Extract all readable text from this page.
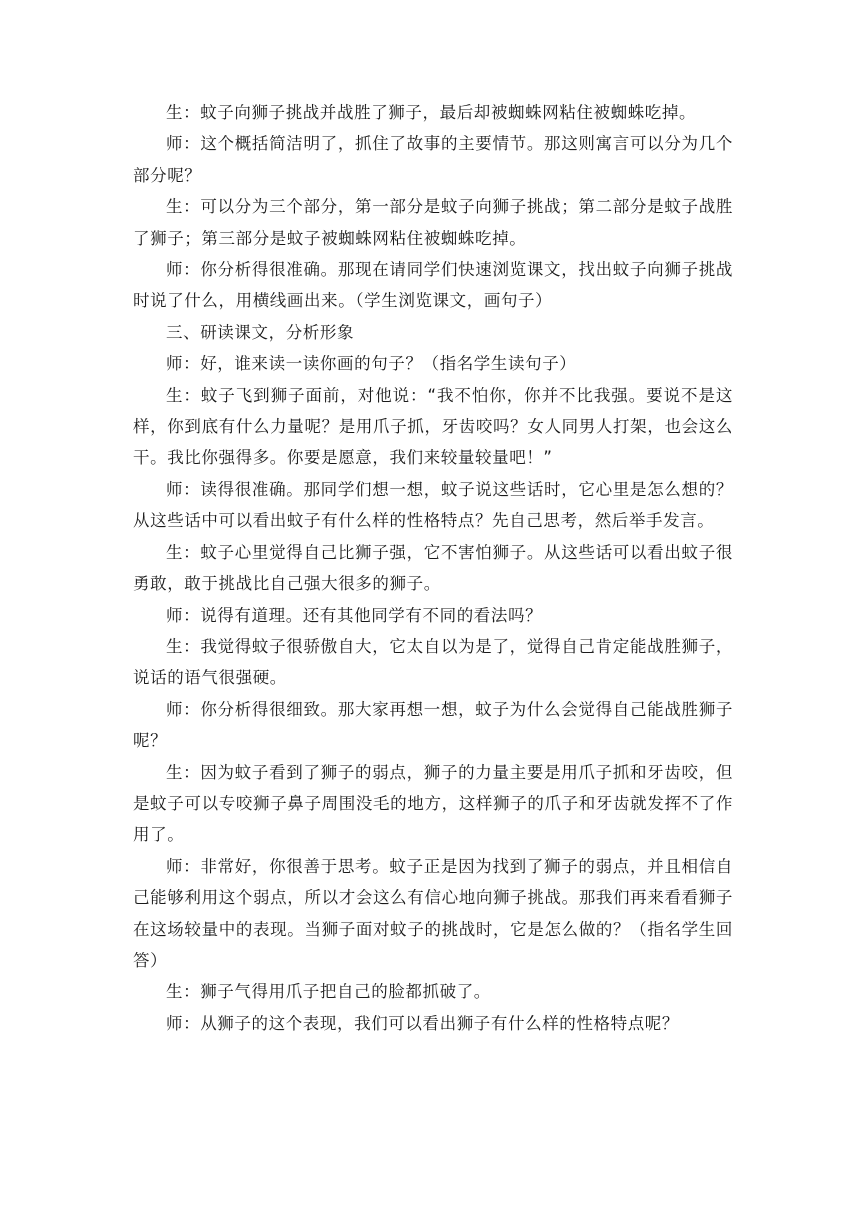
生：蚊子向狮子挑战并战胜了狮子，最后却被蜘蛛网粘住被蜘蛛吃掉。

师：这个概括简洁明了，抓住了故事的主要情节。那这则寓言可以分为几个部分呢？

生：可以分为三个部分，第一部分是蚊子向狮子挑战；第二部分是蚊子战胜了狮子；第三部分是蚊子被蜘蛛网粘住被蜘蛛吃掉。

师：你分析得很准确。那现在请同学们快速浏览课文，找出蚊子向狮子挑战时说了什么，用横线画出来。（学生浏览课文，画句子）

三、研读课文，分析形象

师：好，谁来读一读你画的句子？（指名学生读句子）

生：蚊子飞到狮子面前，对他说：“我不怕你，你并不比我强。要说不是这样，你到底有什么力量呢？是用爪子抓，牙齿咬吗？女人同男人打架，也会这么干。我比你强得多。你要是愿意，我们来较量较量吧！”

师：读得很准确。那同学们想一想，蚊子说这些话时，它心里是怎么想的？从这些话中可以看出蚊子有什么样的性格特点？先自己思考，然后举手发言。

生：蚊子心里觉得自己比狮子强，它不害怕狮子。从这些话可以看出蚊子很勇敢，敢于挑战比自己强大很多的狮子。

师：说得有道理。还有其他同学有不同的看法吗？

生：我觉得蚊子很骄傲自大，它太自以为是了，觉得自己肯定能战胜狮子，说话的语气很强硬。

师：你分析得很细致。那大家再想一想，蚊子为什么会觉得自己能战胜狮子呢？

生：因为蚊子看到了狮子的弱点，狮子的力量主要是用爪子抓和牙齿咬，但是蚊子可以专咬狮子鼻子周围没毛的地方，这样狮子的爪子和牙齿就发挥不了作用了。

师：非常好，你很善于思考。蚊子正是因为找到了狮子的弱点，并且相信自己能够利用这个弱点，所以才会这么有信心地向狮子挑战。那我们再来看看狮子在这场较量中的表现。当狮子面对蚊子的挑战时，它是怎么做的？（指名学生回答）

生：狮子气得用爪子把自己的脸都抓破了。

师：从狮子的这个表现，我们可以看出狮子有什么样的性格特点呢？
